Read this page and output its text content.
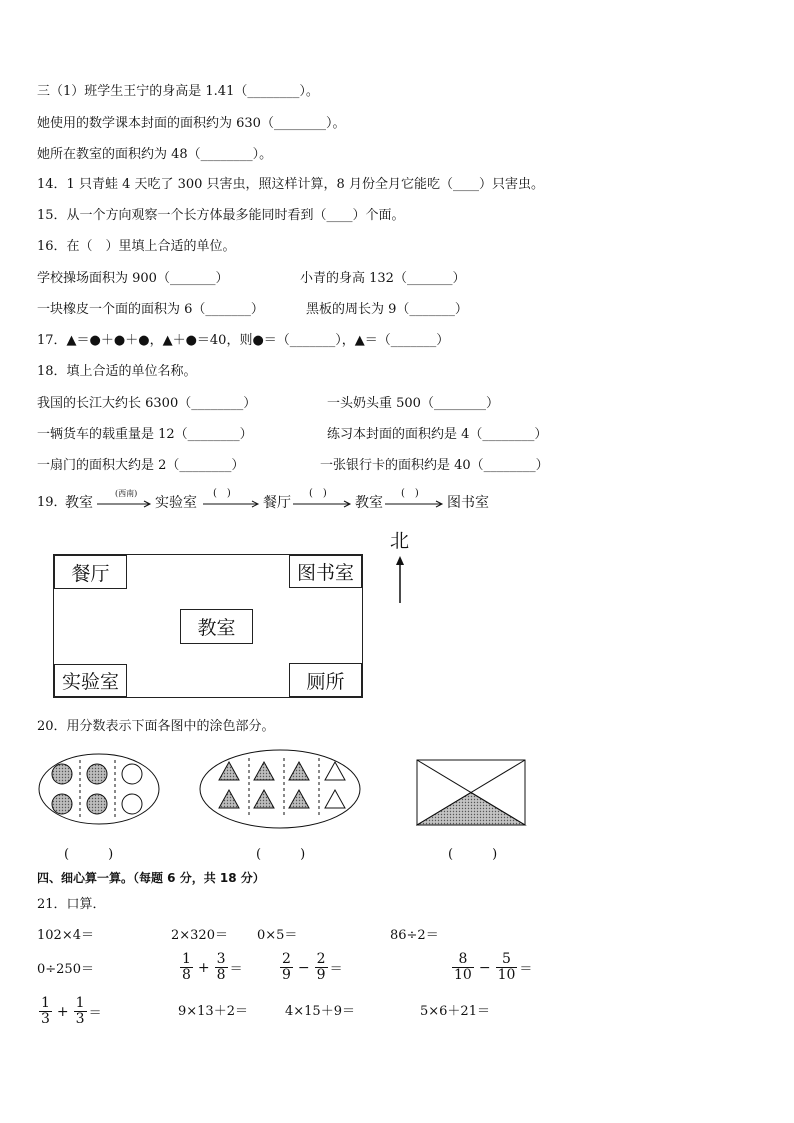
三（1）班学生王宁的身高是 1.41（________）。
她使用的数学课本封面的面积约为 630（________）。
她所在教室的面积约为 48（________）。
14．1 只青蛙 4 天吃了 300 只害虫，照这样计算，8 月份全月它能吃（____）只害虫。
15．从一个方向观察一个长方体最多能同时看到（____）个面。
16．在（　）里填上合适的单位。
学校操场面积为 900（_______）	小青的身高 132（_______）
一块橡皮一个面的面积为 6（_______）	黑板的周长为 9（_______）
17．▲＝●＋●＋●，▲＋●＝40，则●＝（_______），▲＝（_______）
18．填上合适的单位名称。
我国的长江大约长 6300（________）	一头奶头重 500（________）
一辆货车的载重量是 12（________）	练习本封面的面积约是 4（________）
一扇门的面积大约是 2（________）	一张银行卡的面积约是 40（________）
19．
教室
(西南)
实验室
(　)
餐厅
(　)
教室
(　)
图书室
餐厅	图书室
教室
实验室	厕所
北
20．用分数表示下面各图中的涂色部分。
(　　　)	(　　　)	(　　　)
四、细心算一算。（每题 6 分，共 18 分）
21．口算．
102×4＝	2×320＝ 0×5＝	86÷2＝
0÷250＝	$\frac{1}{8} + \frac{3}{8}$ ＝	$\frac{2}{9} - \frac{2}{9}$ ＝	$\frac{8}{10} - \frac{5}{10}$ ＝
$\frac{1}{3} + \frac{1}{3}$ ＝	9×13＋2＝	4×15＋9＝	5×6＋21＝
